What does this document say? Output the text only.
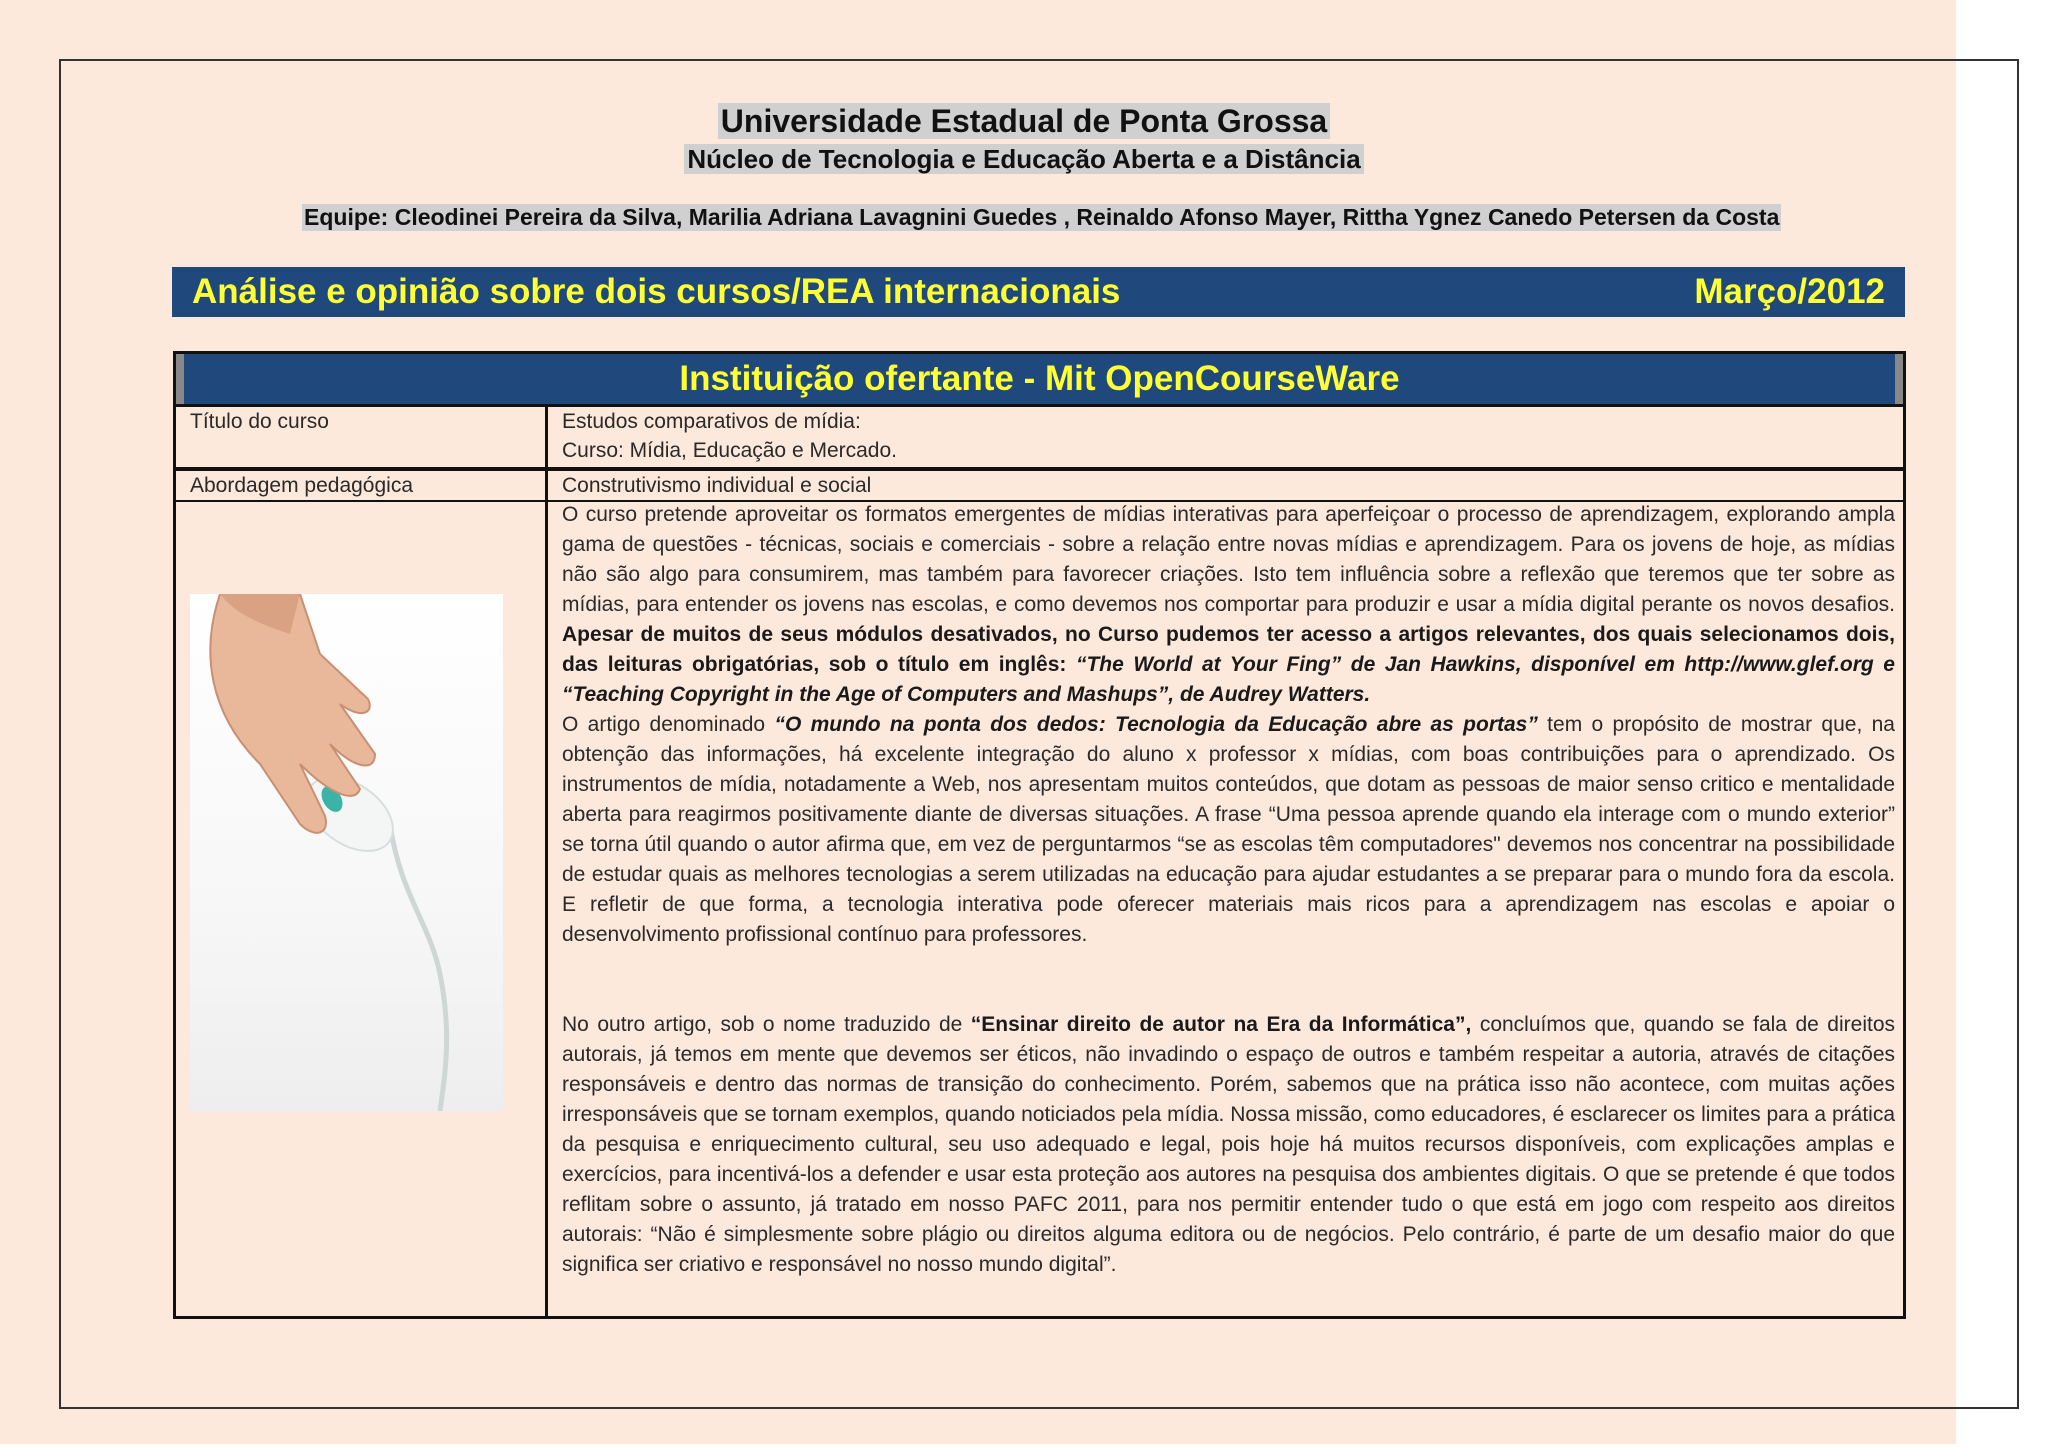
Universidade Estadual de Ponta Grossa
Núcleo de Tecnologia e Educação Aberta e a Distância
Equipe: Cleodinei Pereira da Silva, Marilia Adriana Lavagnini Guedes , Reinaldo Afonso Mayer, Rittha Ygnez Canedo Petersen da Costa
Análise e opinião sobre dois cursos/REA internacionais	Março/2012
Instituição ofertante - Mit OpenCourseWare
Título do curso	Estudos comparativos de mídia:
Curso: Mídia, Educação e Mercado.
Abordagem pedagógica	Construtivismo individual e social

O curso pretende aproveitar os formatos emergentes de mídias interativas para aperfeiçoar o processo de aprendizagem, explorando ampla gama de questões - técnicas, sociais e comerciais - sobre a relação entre novas mídias e aprendizagem. Para os jovens de hoje, as mídias não são algo para consumirem, mas também para favorecer criações. Isto tem influência sobre a reflexão que teremos que ter sobre as mídias, para entender os jovens nas escolas, e como devemos nos comportar para produzir e usar a mídia digital perante os novos desafios. Apesar de muitos de seus módulos desativados, no Curso pudemos ter acesso a artigos relevantes, dos quais selecionamos dois, das leituras obrigatórias, sob o título em inglês: “The World at Your Fing” de Jan Hawkins, disponível em http://www.glef.org e “Teaching Copyright in the Age of Computers and Mashups”, de Audrey Watters.

O artigo denominado “O mundo na ponta dos dedos: Tecnologia da Educação abre as portas” tem o propósito de mostrar que, na obtenção das informações, há excelente integração do aluno x professor x mídias, com boas contribuições para o aprendizado. Os instrumentos de mídia, notadamente a Web, nos apresentam muitos conteúdos, que dotam as pessoas de maior senso critico e mentalidade aberta para reagirmos positivamente diante de diversas situações. A frase “Uma pessoa aprende quando ela interage com o mundo exterior” se torna útil quando o autor afirma que, em vez de perguntarmos “se as escolas têm computadores" devemos nos concentrar na possibilidade de estudar quais as melhores tecnologias a serem utilizadas na educação para ajudar estudantes a se preparar para o mundo fora da escola. E refletir de que forma, a tecnologia interativa pode oferecer materiais mais ricos para a aprendizagem nas escolas e apoiar o desenvolvimento profissional contínuo para professores.

No outro artigo, sob o nome traduzido de “Ensinar direito de autor na Era da Informática”, concluímos que, quando se fala de direitos autorais, já temos em mente que devemos ser éticos, não invadindo o espaço de outros e também respeitar a autoria, através de citações responsáveis e dentro das normas de transição do conhecimento. Porém, sabemos que na prática isso não acontece, com muitas ações irresponsáveis que se tornam exemplos, quando noticiados pela mídia. Nossa missão, como educadores, é esclarecer os limites para a prática da pesquisa e enriquecimento cultural, seu uso adequado e legal, pois hoje há muitos recursos disponíveis, com explicações amplas e exercícios, para incentivá-los a defender e usar esta proteção aos autores na pesquisa dos ambientes digitais. O que se pretende é que todos reflitam sobre o assunto, já tratado em nosso PAFC 2011, para nos permitir entender tudo o que está em jogo com respeito aos direitos autorais: “Não é simplesmente sobre plágio ou direitos alguma editora ou de negócios. Pelo contrário, é parte de um desafio maior do que significa ser criativo e responsável no nosso mundo digital”.
